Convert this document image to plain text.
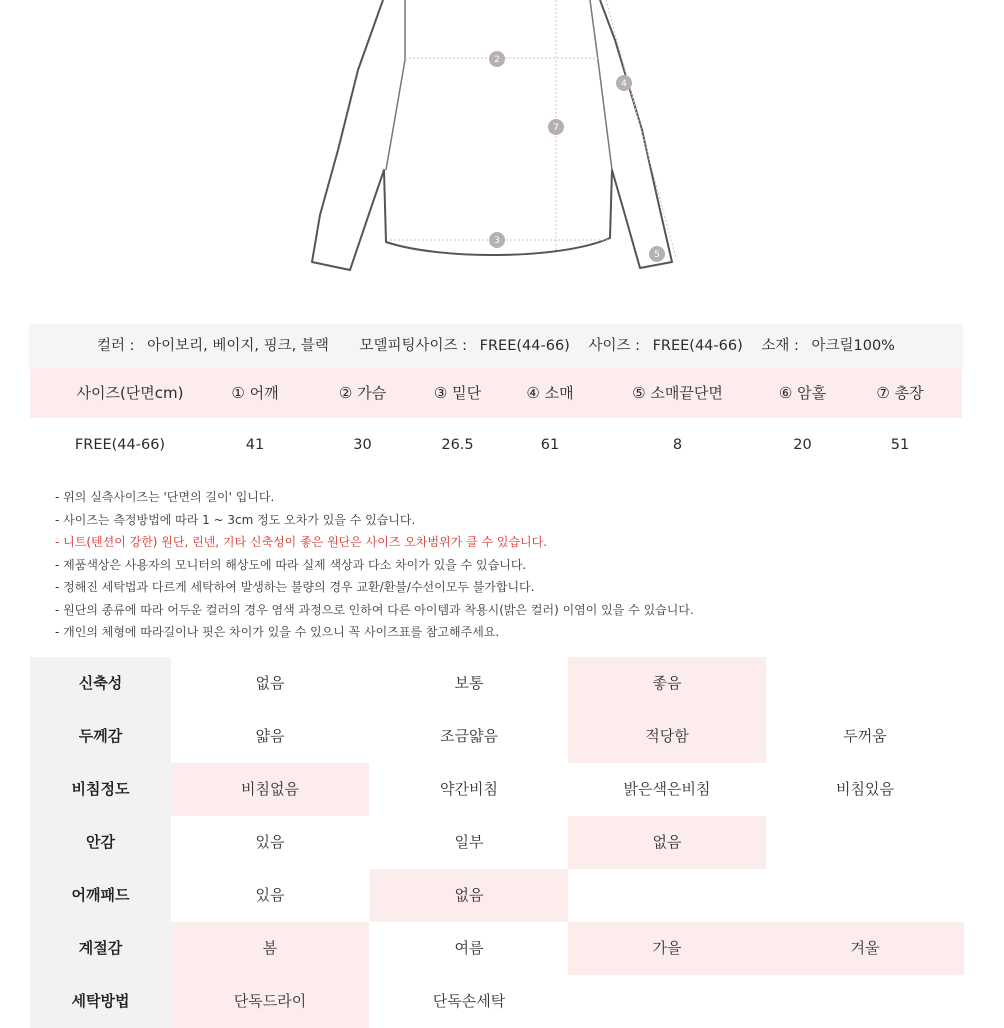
2
7
4
3
5
컬러 : 아이보리, 베이지, 핑크, 블랙 모델피팅사이즈 : FREE(44-66) 사이즈 : FREE(44-66) 소재 : 아크릴100%
사이즈(단면cm)	① 어깨	② 가슴	③ 밑단	④ 소매	⑤ 소매끝단면	⑥ 암홀	⑦ 총장
FREE(44-66)	41	30	26.5	61	8	20	51
- 위의 실측사이즈는 '단면의 길이' 입니다.
- 사이즈는 측정방법에 따라 1 ~ 3cm 정도 오차가 있을 수 있습니다.
- 니트(텐션이 강한) 원단, 린넨, 기타 신축성이 좋은 원단은 사이즈 오차범위가 클 수 있습니다.
- 제품색상은 사용자의 모니터의 해상도에 따라 실제 색상과 다소 차이가 있을 수 있습니다.
- 정해진 세탁법과 다르게 세탁하여 발생하는 불량의 경우 교환/환불/수선이모두 불가합니다.
- 원단의 종류에 따라 어두운 컬러의 경우 염색 과정으로 인하여 다른 아이템과 착용시(밝은 컬러) 이염이 있을 수 있습니다.
- 개인의 체형에 따라길이나 핏은 차이가 있을 수 있으니 꼭 사이즈표를 참고해주세요.
신축성	없음	보통	좋음
두께감	얇음	조금얇음	적당함	두꺼움
비침정도	비침없음	약간비침	밝은색은비침	비침있음
안감	있음	일부	없음
어깨패드	있음	없음
계절감	봄	여름	가을	겨울
세탁방법	단독드라이	단독손세탁
